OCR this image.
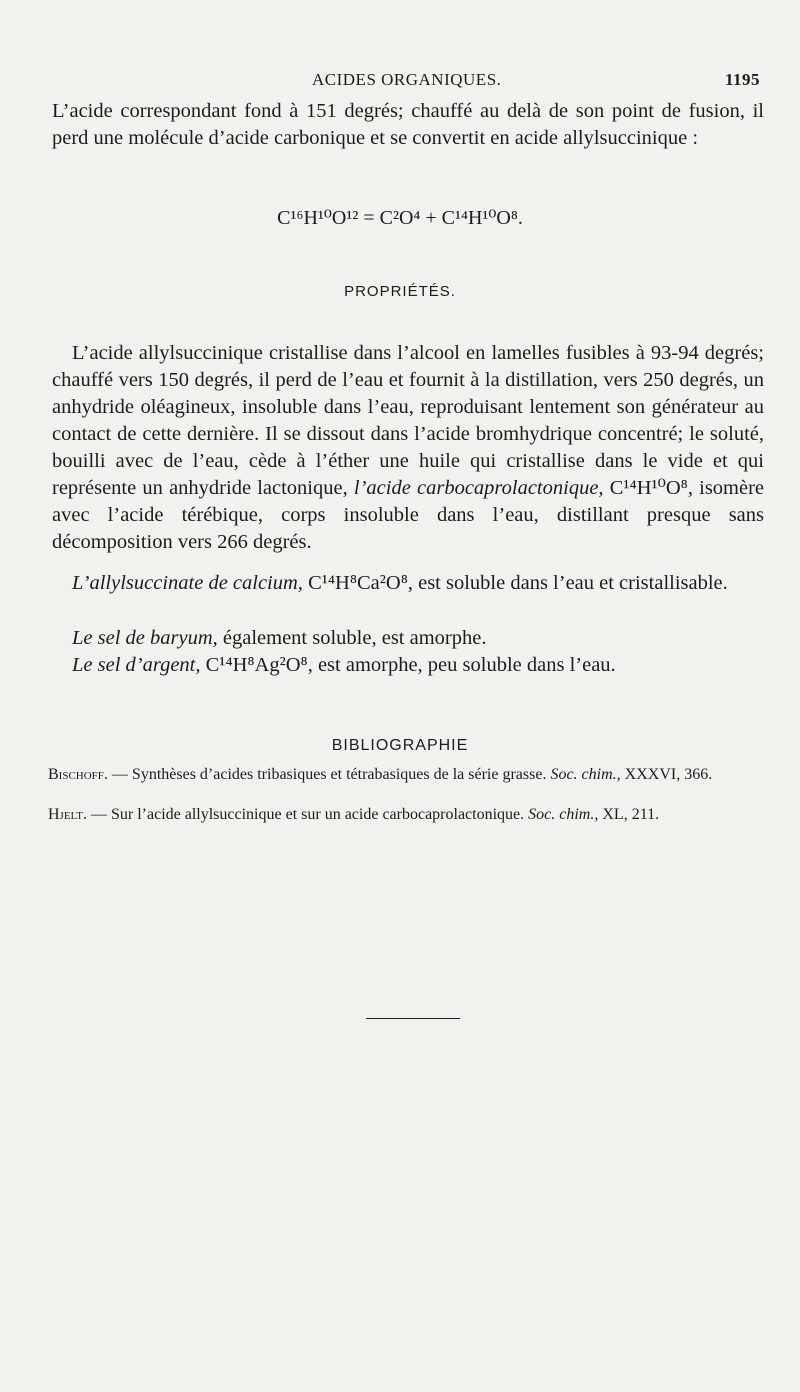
ACIDES ORGANIQUES.	1195

L’acide correspondant fond à 151 degrés; chauffé au delà de son point de fusion, il perd une molécule d’acide carbonique et se convertit en acide allylsuccinique :

C¹⁶H¹⁰O¹² = C²O⁴ + C¹⁴H¹⁰O⁸.
PROPRIÉTÉS.

L’acide allylsuccinique cristallise dans l’alcool en lamelles fusibles à 93-94 degrés; chauffé vers 150 degrés, il perd de l’eau et fournit à la distillation, vers 250 degrés, un anhydride oléagineux, insoluble dans l’eau, reproduisant lentement son générateur au contact de cette dernière. Il se dissout dans l’acide bromhydrique concentré; le soluté, bouilli avec de l’eau, cède à l’éther une huile qui cristallise dans le vide et qui représente un anhydride lactonique, l’acide carbocaprolactonique, C¹⁴H¹⁰O⁸, isomère avec l’acide térébique, corps insoluble dans l’eau, distillant presque sans décomposition vers 266 degrés.

L’allylsuccinate de calcium, C¹⁴H⁸Ca²O⁸, est soluble dans l’eau et cristallisable.

Le sel de baryum, également soluble, est amorphe.

Le sel d’argent, C¹⁴H⁸Ag²O⁸, est amorphe, peu soluble dans l’eau.

BIBLIOGRAPHIE

Bischoff. — Synthèses d’acides tribasiques et tétrabasiques de la série grasse. Soc. chim., XXXVI, 366.

Hjelt. — Sur l’acide allylsuccinique et sur un acide carbocaprolactonique. Soc. chim., XL, 211.
